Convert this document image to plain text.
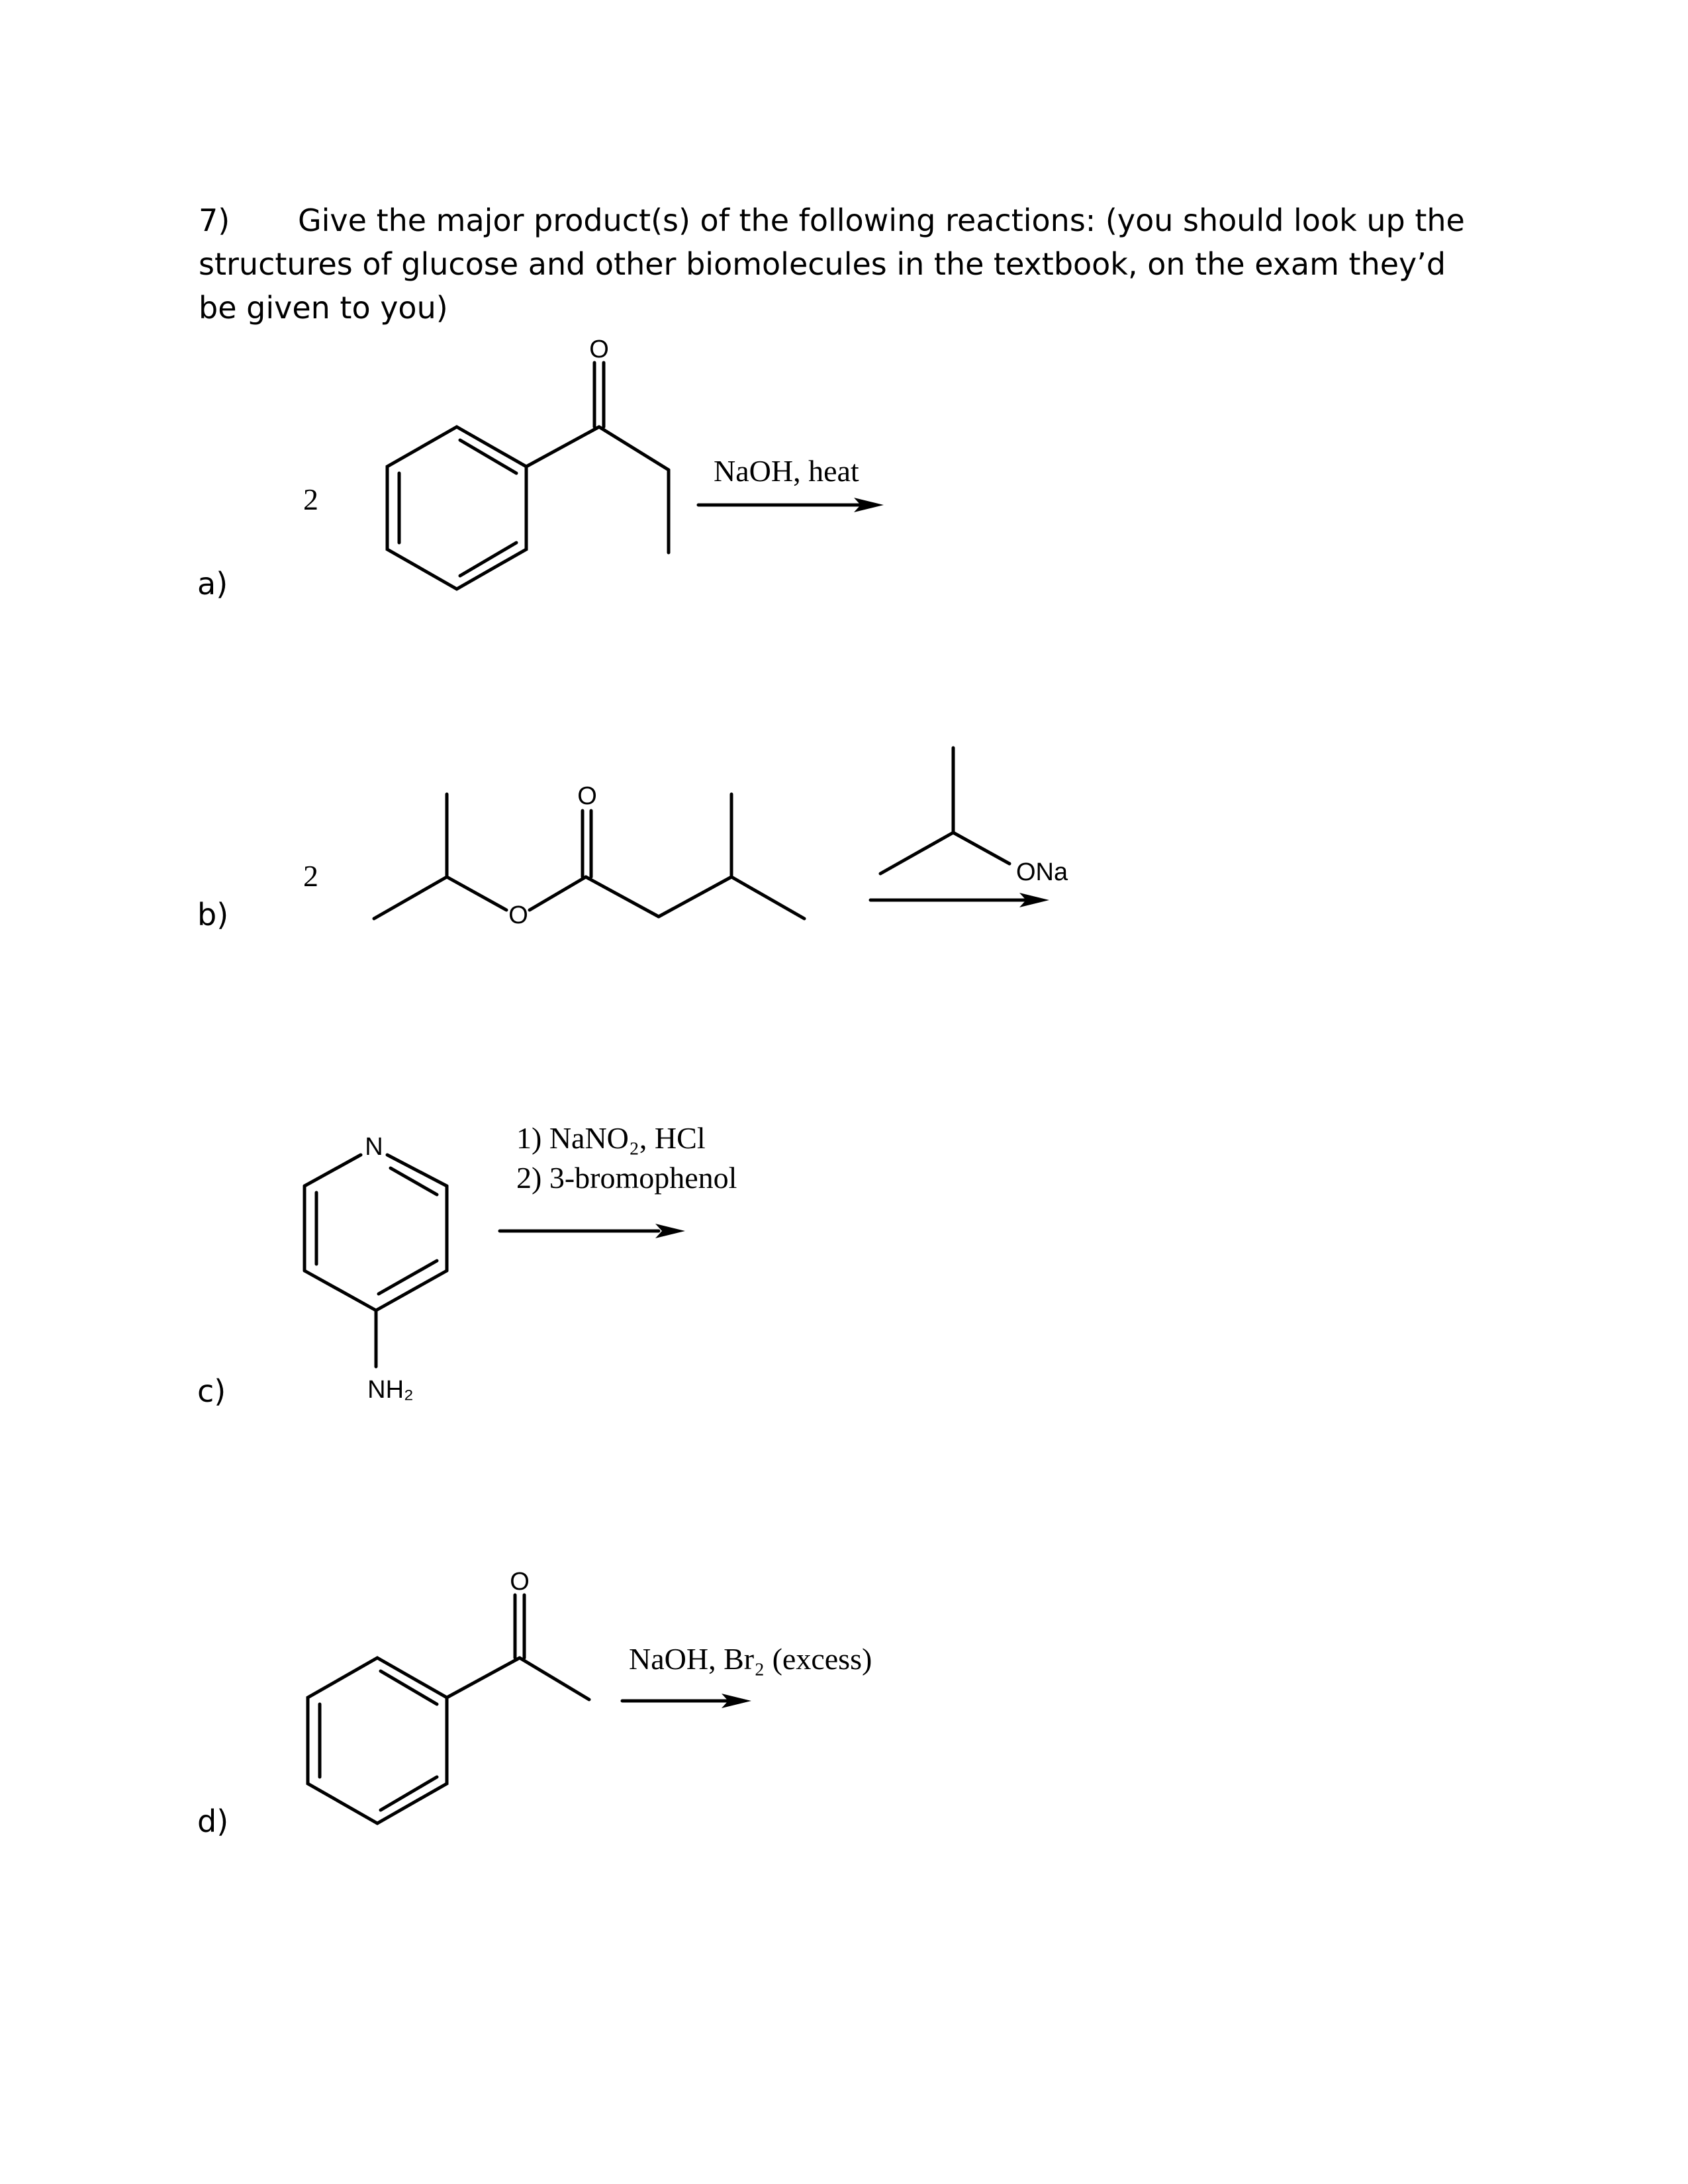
7) Give the major product(s) of the following reactions: (you should look up the structures of glucose and other biomolecules in the textbook, on the exam they’d be given to you)
a)
b)
c)
d)
2
2
NaOH, heat
1) NaNO₂, HCl
2) 3-bromophenol
NaOH, Br₂ (excess)
O
O
O
ONa
N
NH₂
O
